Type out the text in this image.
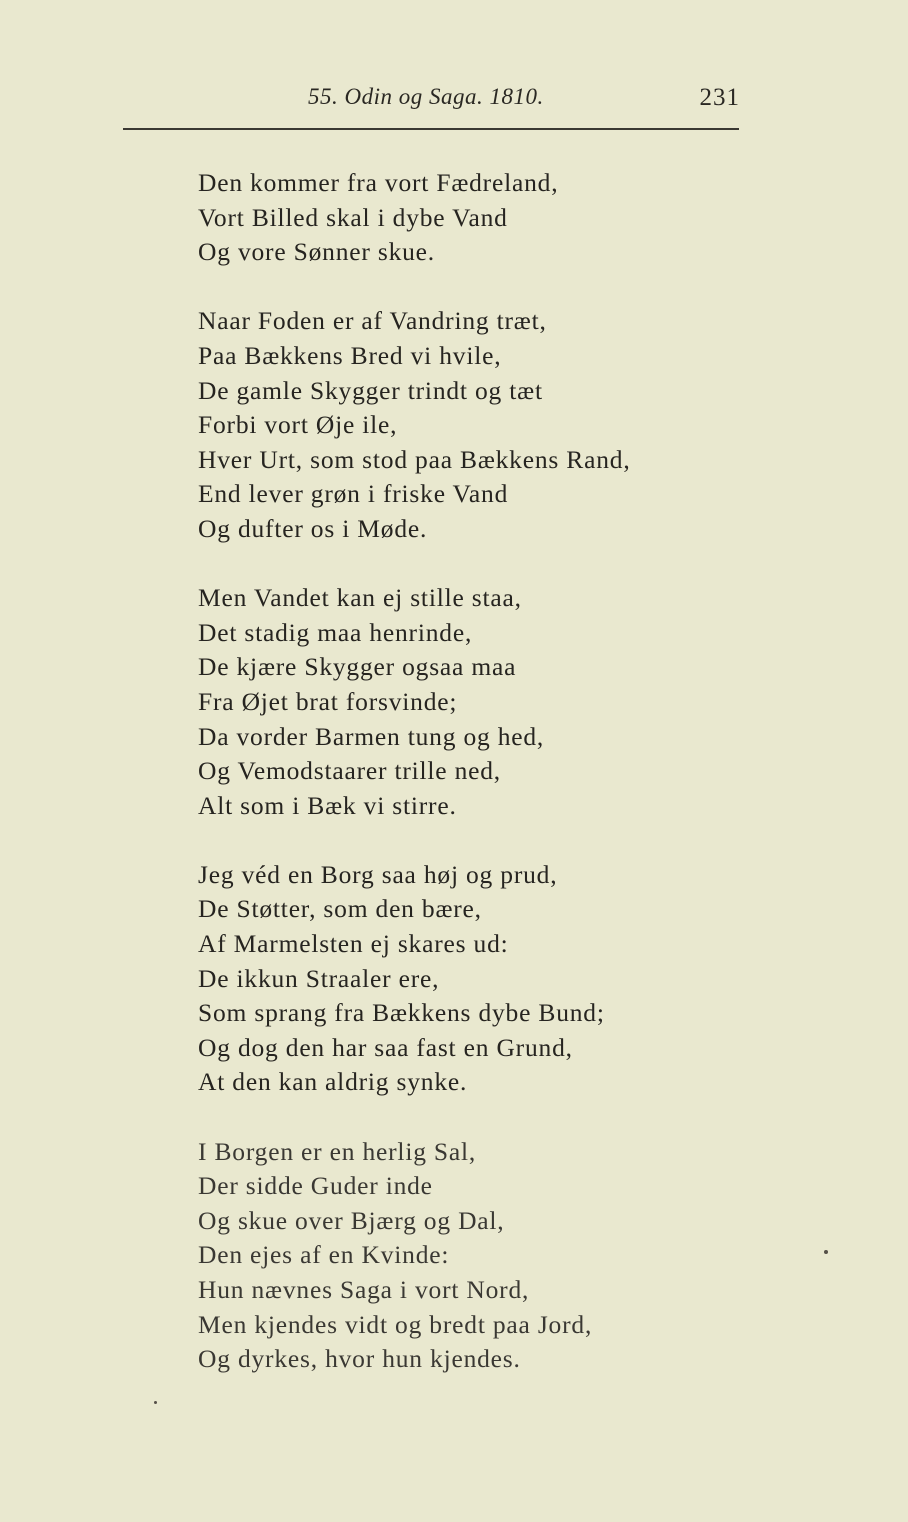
55. Odin og Saga. 1810.	231
Den kommer fra vort Fædreland,
Vort Billed skal i dybe Vand
Og vore Sønner skue.
Naar Foden er af Vandring træt,
Paa Bækkens Bred vi hvile,
De gamle Skygger trindt og tæt
Forbi vort Øje ile,
Hver Urt, som stod paa Bækkens Rand,
End lever grøn i friske Vand
Og dufter os i Møde.
Men Vandet kan ej stille staa,
Det stadig maa henrinde,
De kjære Skygger ogsaa maa
Fra Øjet brat forsvinde;
Da vorder Barmen tung og hed,
Og Vemodstaarer trille ned,
Alt som i Bæk vi stirre.
Jeg véd en Borg saa høj og prud,
De Støtter, som den bære,
Af Marmelsten ej skares ud:
De ikkun Straaler ere,
Som sprang fra Bækkens dybe Bund;
Og dog den har saa fast en Grund,
At den kan aldrig synke.
I Borgen er en herlig Sal,
Der sidde Guder inde
Og skue over Bjærg og Dal,
Den ejes af en Kvinde:
Hun nævnes Saga i vort Nord,
Men kjendes vidt og bredt paa Jord,
Og dyrkes, hvor hun kjendes.
